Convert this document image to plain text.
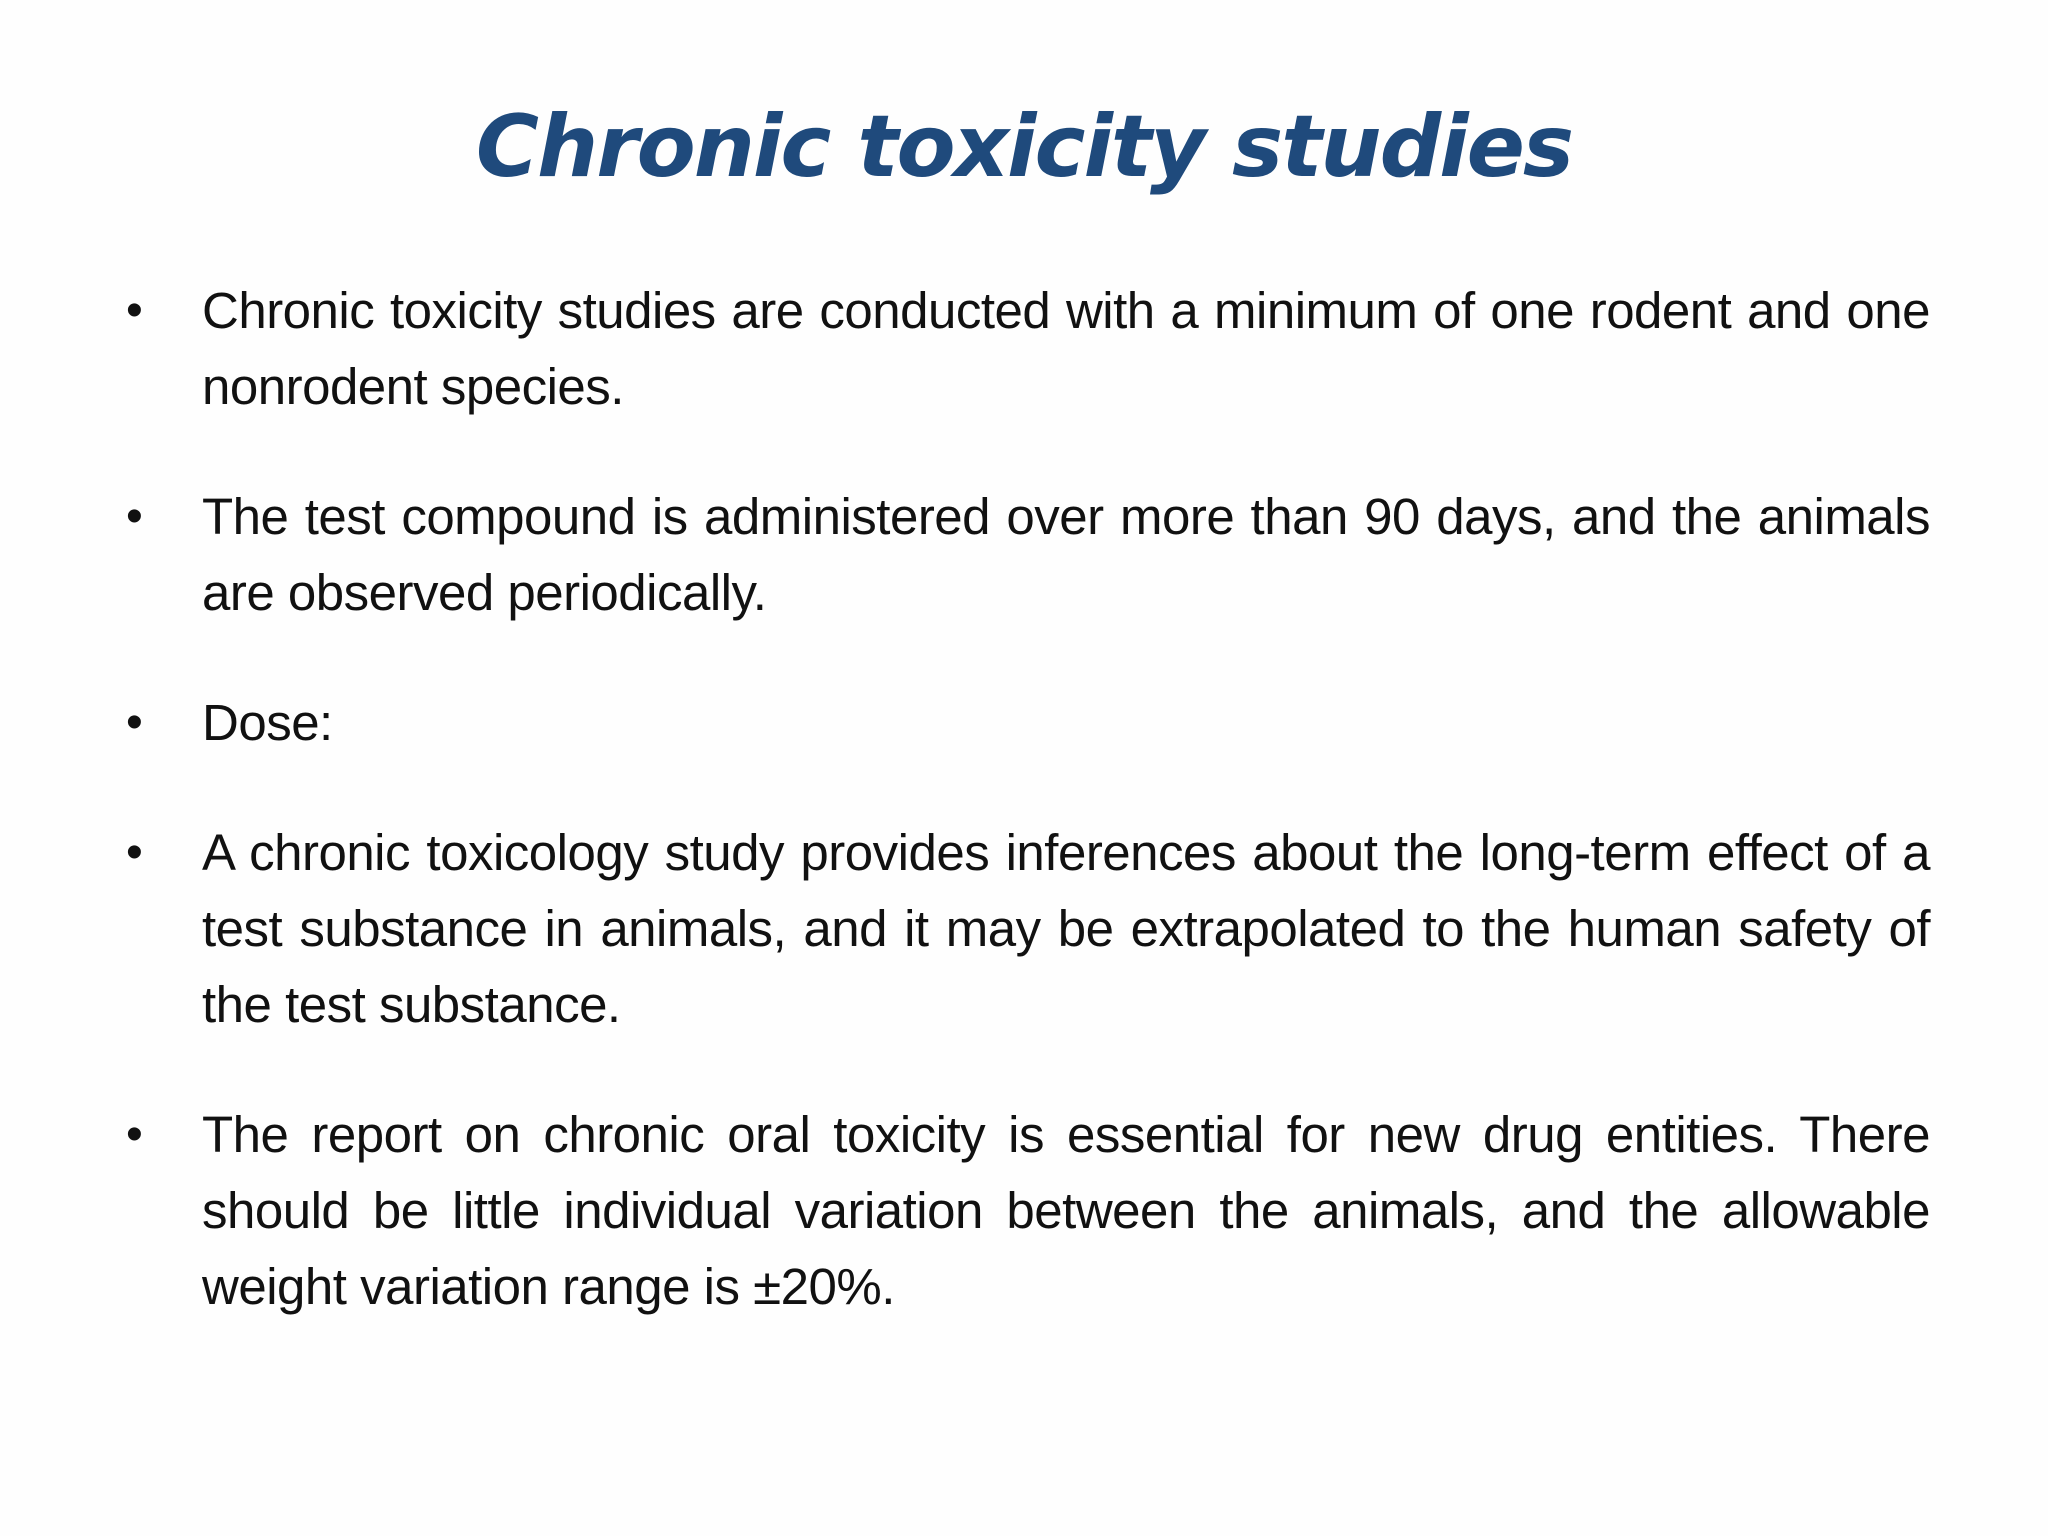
Chronic toxicity studies
• Chronic toxicity studies are conducted with a minimum of one rodent and one nonrodent species.
• The test compound is administered over more than 90 days, and the animals are observed periodically.
• Dose:
• A chronic toxicology study provides inferences about the long-term effect of a test substance in animals, and it may be extrapolated to the human safety of the test substance.
• The report on chronic oral toxicity is essential for new drug entities. There should be little individual variation between the animals, and the allowable weight variation range is ±20%.
